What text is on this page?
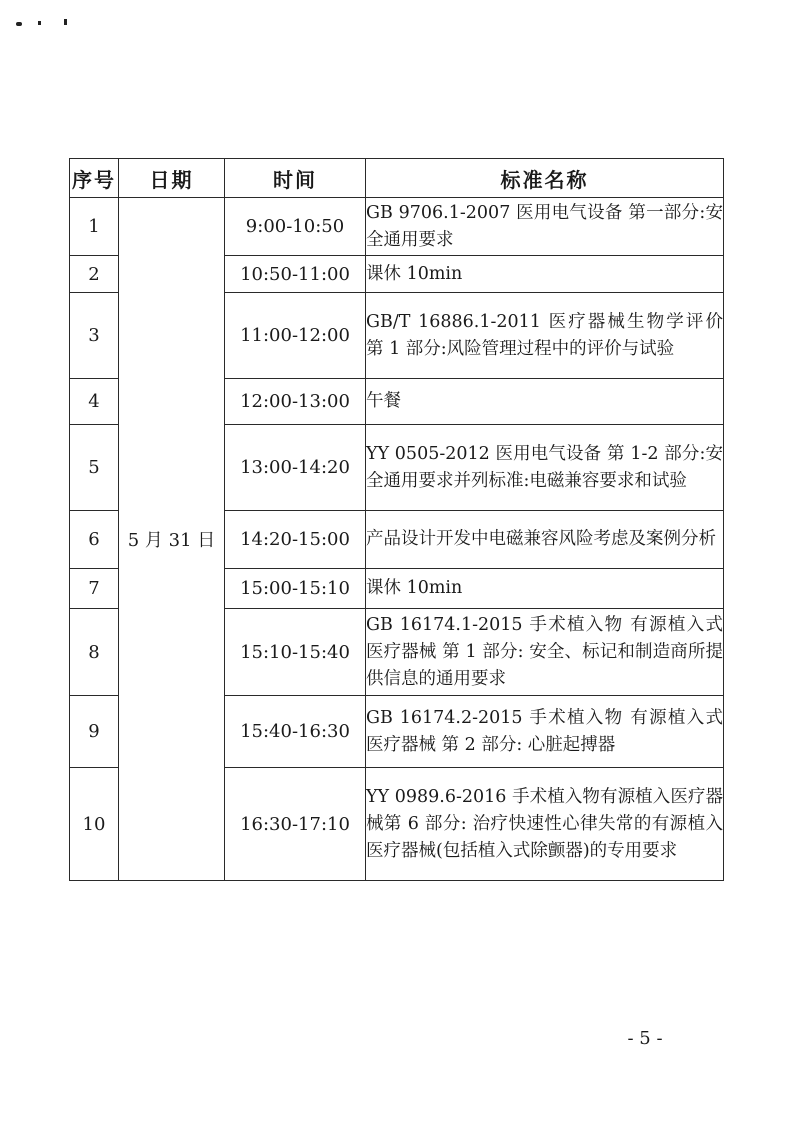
序号	日期	时间	标准名称
1	5 月 31 日	9:00-10:50	GB 9706.1-2007 医用电气设备 第一部分:安全通用要求
2		10:50-11:00	课休 10min
3		11:00-12:00	GB/T 16886.1-2011 医疗器械生物学评价 第 1 部分:风险管理过程中的评价与试验
4		12:00-13:00	午餐
5		13:00-14:20	YY 0505-2012 医用电气设备 第 1-2 部分:安全通用要求并列标准:电磁兼容要求和试验
6		14:20-15:00	产品设计开发中电磁兼容风险考虑及案例分析
7		15:00-15:10	课休 10min
8		15:10-15:40	GB 16174.1-2015 手术植入物 有源植入式医疗器械 第 1 部分: 安全、标记和制造商所提供信息的通用要求
9		15:40-16:30	GB 16174.2-2015 手术植入物 有源植入式医疗器械 第 2 部分: 心脏起搏器
10		16:30-17:10	YY 0989.6-2016 手术植入物有源植入医疗器械第 6 部分: 治疗快速性心律失常的有源植入医疗器械(包括植入式除颤器)的专用要求
- 5 -
